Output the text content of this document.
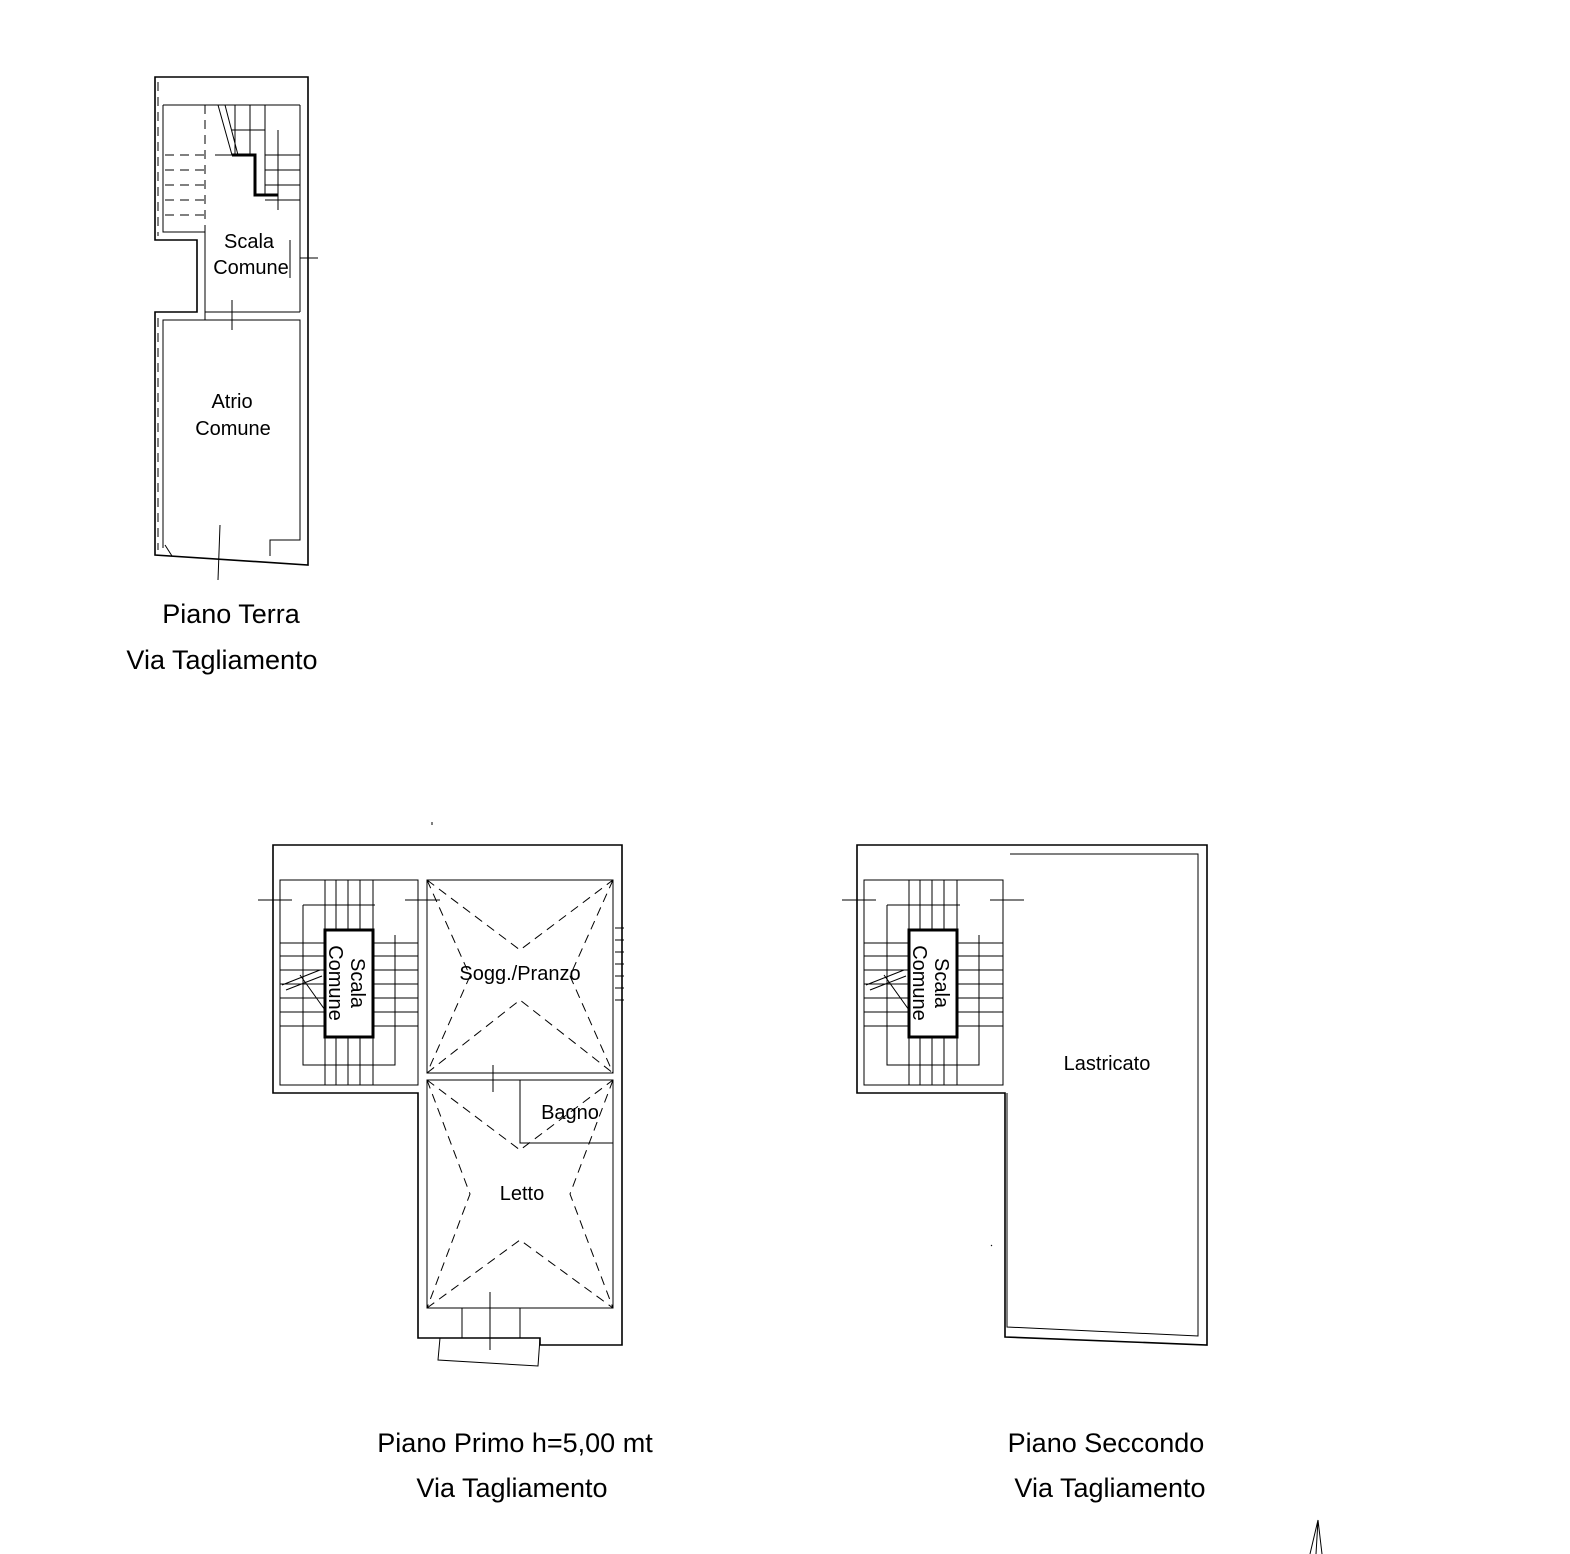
Scala
Comune
Atrio
Comune
Piano Terra
Via Tagliamento
Scala
Comune	Sogg./Pranzo
Bagno
Letto
Piano Primo h=5,00 mt
Via Tagliamento
Scala
Comune
Lastricato
Piano Seccondo
Via Tagliamento
